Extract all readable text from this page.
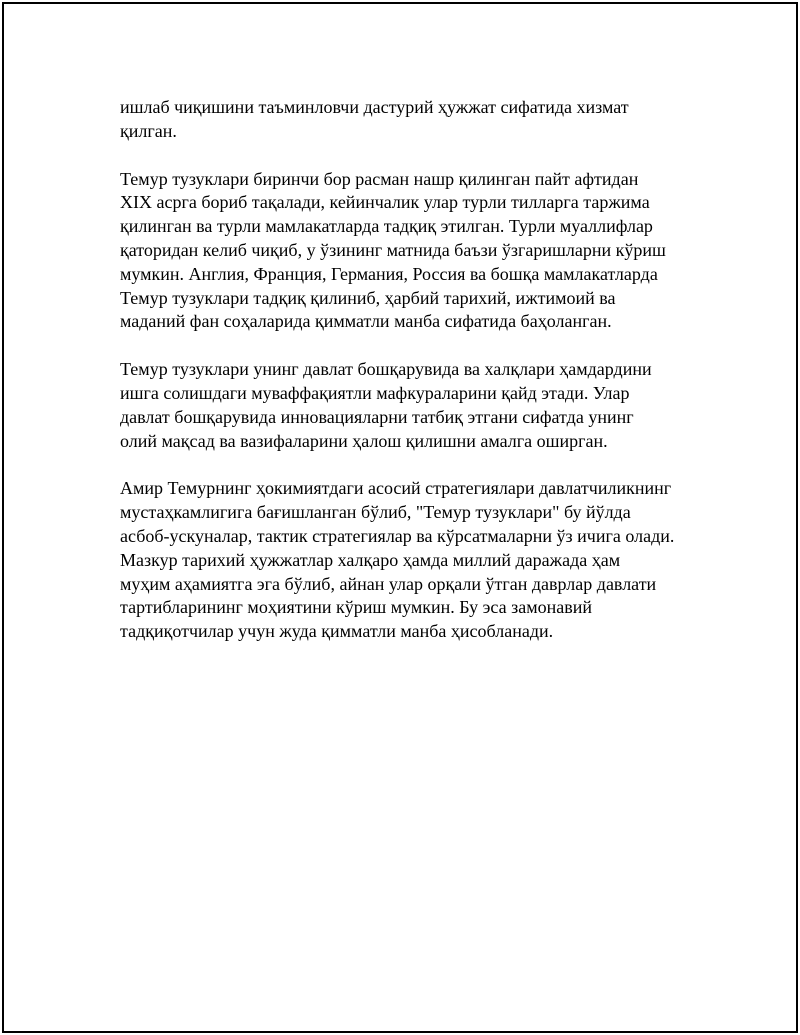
ишлаб чиқишини таъминловчи дастурий ҳужжат сифатида хизмат
қилган.

Темур тузуклари биринчи бор расман нашр қилинган пайт афтидан
XIX асрга бориб тақалади, кейинчалик улар турли тилларга таржима
қилинган ва турли мамлакатларда тадқиқ этилган. Турли муаллифлар
қаторидан келиб чиқиб, у ўзининг матнида баъзи ўзгаришларни кўриш
мумкин. Англия, Франция, Германия, Россия ва бошқа мамлакатларда
Темур тузуклари тадқиқ қилиниб, ҳарбий тарихий, ижтимоий ва
маданий фан соҳаларида қимматли манба сифатида баҳоланган.

Темур тузуклари унинг давлат бошқарувида ва халқлари ҳамдардини
ишга солишдаги муваффақиятли мафкураларини қайд этади. Улар
давлат бошқарувида инновацияларни татбиқ этгани сифатда унинг
олий мақсад ва вазифаларини ҳалош қилишни амалга оширган.

Амир Темурнинг ҳокимиятдаги асосий стратегиялари давлатчиликнинг
мустаҳкамлигига бағишланган бўлиб, "Темур тузуклари" бу йўлда
асбоб-ускуналар, тактик стратегиялар ва кўрсатмаларни ўз ичига олади.
Мазкур тарихий ҳужжатлар халқаро ҳамда миллий даражада ҳам
муҳим аҳамиятга эга бўлиб, айнан улар орқали ўтган даврлар давлати
тартибларининг моҳиятини кўриш мумкин. Бу эса замонавий
тадқиқотчилар учун жуда қимматли манба ҳисобланади.
